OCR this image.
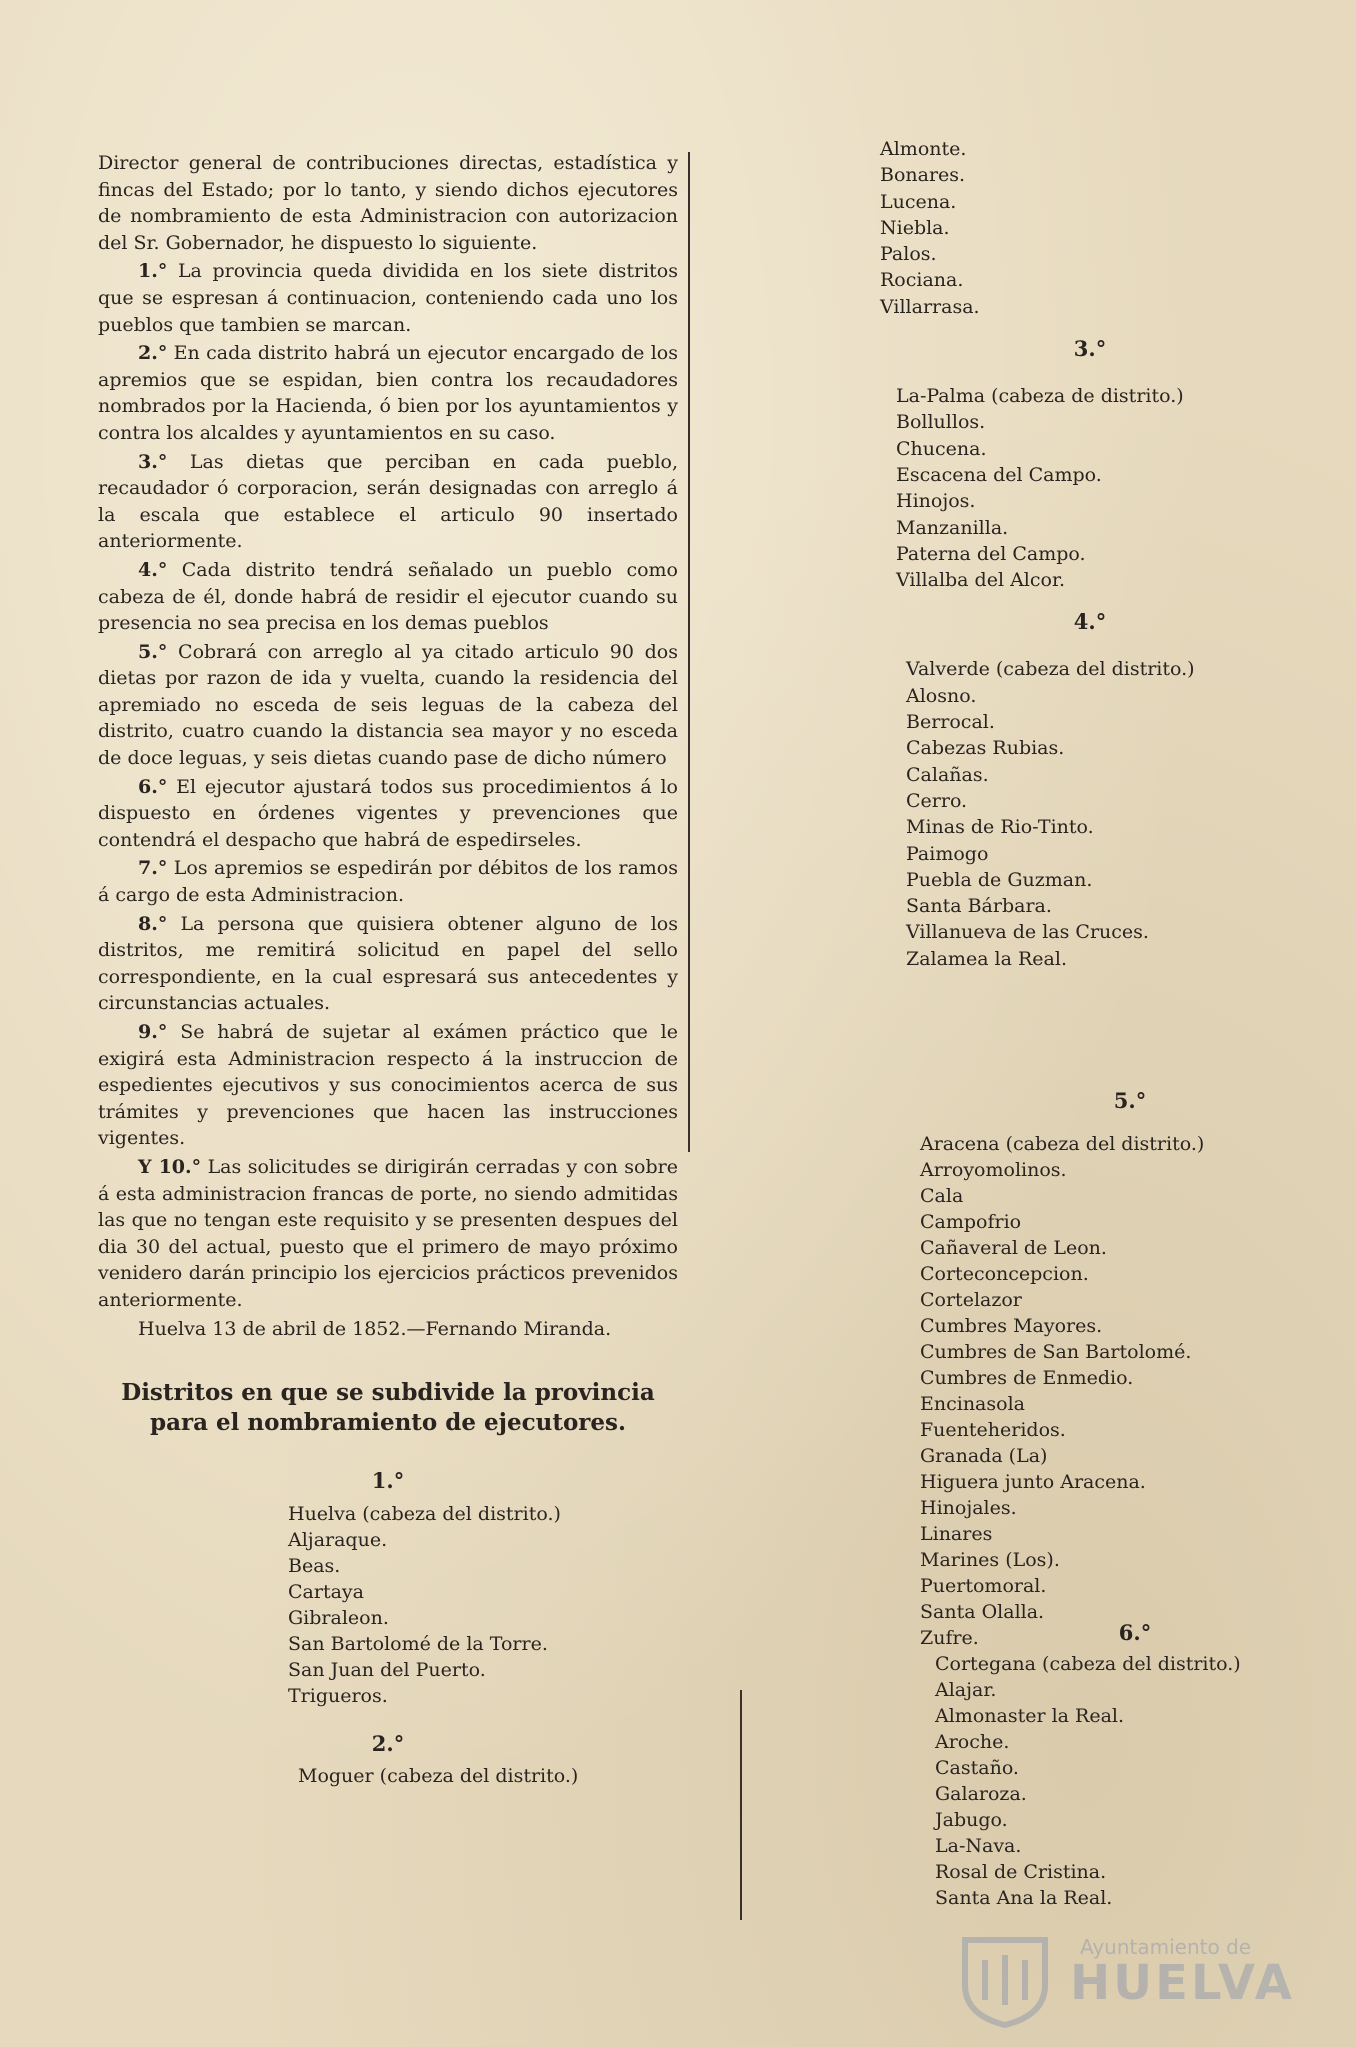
Director general de contribuciones directas, estadística y fincas del Estado; por lo tanto, y siendo dichos ejecutores de nombramiento de esta Administracion con autorizacion del Sr. Gobernador, he dispuesto lo siguiente.

1.° La provincia queda dividida en los siete distritos que se espresan á continuacion, conteniendo cada uno los pueblos que tambien se marcan.

2.° En cada distrito habrá un ejecutor encargado de los apremios que se espidan, bien contra los recaudadores nombrados por la Hacienda, ó bien por los ayuntamientos y contra los alcaldes y ayuntamientos en su caso.

3.° Las dietas que perciban en cada pueblo, recaudador ó corporacion, serán designadas con arreglo á la escala que establece el articulo 90 insertado anteriormente.

4.° Cada distrito tendrá señalado un pueblo como cabeza de él, donde habrá de residir el ejecutor cuando su presencia no sea precisa en los demas pueblos

5.° Cobrará con arreglo al ya citado articulo 90 dos dietas por razon de ida y vuelta, cuando la residencia del apremiado no esceda de seis leguas de la cabeza del distrito, cuatro cuando la distancia sea mayor y no esceda de doce leguas, y seis dietas cuando pase de dicho número

6.° El ejecutor ajustará todos sus procedimientos á lo dispuesto en órdenes vigentes y prevenciones que contendrá el despacho que habrá de espedirseles.

7.° Los apremios se espedirán por débitos de los ramos á cargo de esta Administracion.

8.° La persona que quisiera obtener alguno de los distritos, me remitirá solicitud en papel del sello correspondiente, en la cual espresará sus antecedentes y circunstancias actuales.

9.° Se habrá de sujetar al exámen práctico que le exigirá esta Administracion respecto á la instruccion de espedientes ejecutivos y sus conocimientos acerca de sus trámites y prevenciones que hacen las instrucciones vigentes.

Y 10.° Las solicitudes se dirigirán cerradas y con sobre á esta administracion francas de porte, no siendo admitidas las que no tengan este requisito y se presenten despues del dia 30 del actual, puesto que el primero de mayo próximo venidero darán principio los ejercicios prácticos prevenidos anteriormente.

Huelva 13 de abril de 1852.—Fernando Miranda.

Distritos en que se subdivide la provincia para el nombramiento de ejecutores.
1.°
Huelva (cabeza del distrito.)
Aljaraque.
Beas.
Cartaya
Gibraleon.
San Bartolomé de la Torre.
San Juan del Puerto.
Trigueros.
2.°
Moguer (cabeza del distrito.)
Almonte.
Bonares.
Lucena.
Niebla.
Palos.
Rociana.
Villarrasa.
3.°
La-Palma (cabeza de distrito.)
Bollullos.
Chucena.
Escacena del Campo.
Hinojos.
Manzanilla.
Paterna del Campo.
Villalba del Alcor.
4.°
Valverde (cabeza del distrito.)
Alosno.
Berrocal.
Cabezas Rubias.
Calañas.
Cerro.
Minas de Rio-Tinto.
Paimogo
Puebla de Guzman.
Santa Bárbara.
Villanueva de las Cruces.
Zalamea la Real.
5.°
Aracena (cabeza del distrito.)
Arroyomolinos.
Cala
Campofrio
Cañaveral de Leon.
Corteconcepcion.
Cortelazor
Cumbres Mayores.
Cumbres de San Bartolomé.
Cumbres de Enmedio.
Encinasola
Fuenteheridos.
Granada (La)
Higuera junto Aracena.
Hinojales.
Linares
Marines (Los).
Puertomoral.
Santa Olalla.
Zufre.	6.°
Cortegana (cabeza del distrito.)
Alajar.
Almonaster la Real.
Aroche.
Castaño.
Galaroza.
Jabugo.
La-Nava.
Rosal de Cristina.
Santa Ana la Real.
Ayuntamiento de
HUELVA
